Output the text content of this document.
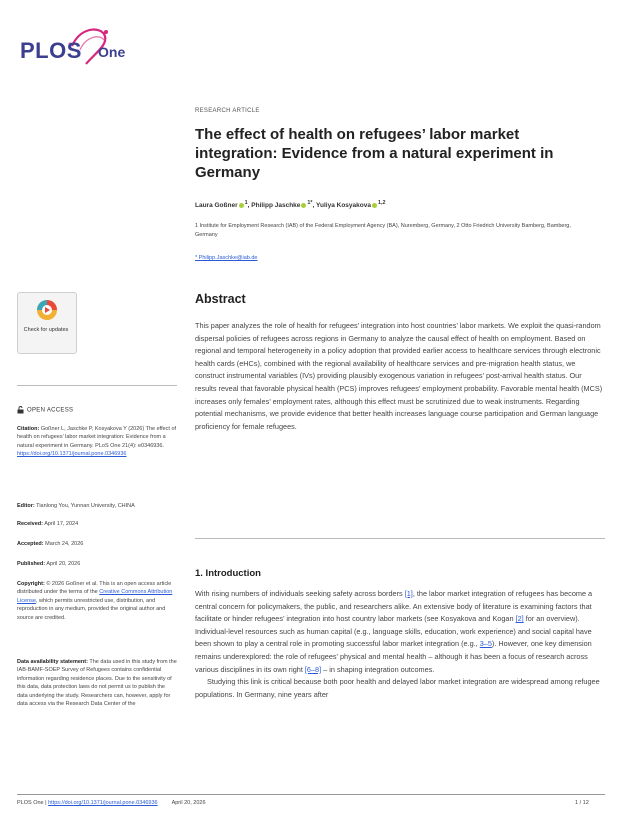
PLOS One
RESEARCH ARTICLE
The effect of health on refugees’ labor market integration: Evidence from a natural experiment in Germany
Laura Goßner $^1$, Philipp Jaschke $^{1*}$, Yuliya Kosyakova $^{1,2}$

1 Institute for Employment Research (IAB) of the Federal Employment Agency (BA), Nuremberg, Germany, 2 Otto Friedrich University Bamberg, Bamberg, Germany

* Philipp.Jaschke@iab.de
Abstract

This paper analyzes the role of health for refugees’ integration into host countries’ labor markets. We exploit the quasi-random dispersal policies of refugees across regions in Germany to analyze the causal effect of health on employment. Based on regional and temporal heterogeneity in a policy adoption that provided earlier access to healthcare services through electronic health cards (eHCs), combined with the regional availability of healthcare services and pre-migration health status, we construct instrumental variables (IVs) providing plausibly exogenous variation in refugees’ post-arrival health status. Our results reveal that favorable physical health (PCS) improves refugees’ employment probability. Favorable mental health (MCS) increases only females’ employment rates, although this effect must be scrutinized due to weak instruments. Regarding potential mechanisms, we provide evidence that better health increases language course participation and German language proficiency for female refugees.

1. Introduction

With rising numbers of individuals seeking safety across borders [1], the labor market integration of refugees has become a central concern for policymakers, the public, and researchers alike. An extensive body of literature is examining factors that facilitate or hinder refugees’ integration into host country labor markets (see Kosyakova and Kogan [2] for an overview). Individual-level resources such as human capital (e.g., language skills, education, work experience) and social capital have been shown to play a central role in promoting successful labor market integration (e.g., 3–5). However, one key dimension remains underexplored: the role of refugees’ physical and mental health – although it has been a focus of research across various disciplines in its own right [6–8] – in shaping integration outcomes.
Studying this link is critical because both poor health and delayed labor market integration are widespread among refugee populations. In Germany, nine years after

Check for updates
OPEN ACCESS

Citation: Goßner L, Jaschke P, Kosyakova Y (2026) The effect of health on refugees’ labor market integration: Evidence from a natural experiment in Germany. PLoS One 21(4): e0346936. https://doi.org/10.1371/journal.pone.0346936

Editor: Tianlong You, Yunnan University, CHINA

Received: April 17, 2024

Accepted: March 24, 2026

Published: April 20, 2026

Copyright: © 2026 Goßner et al. This is an open access article distributed under the terms of the Creative Commons Attribution License, which permits unrestricted use, distribution, and reproduction in any medium, provided the original author and source are credited.

Data availability statement: The data used in this study from the IAB-BAMF-SOEP Survey of Refugees contains confidential information regarding residence places. Due to the sensitivity of this data, data protection laws do not permit us to publish the data underlying the study. Researchers can, however, apply for data access via the Research Data Center of the

PLOS One | https://doi.org/10.1371/journal.pone.0346936	April 20, 2026	1 / 12
